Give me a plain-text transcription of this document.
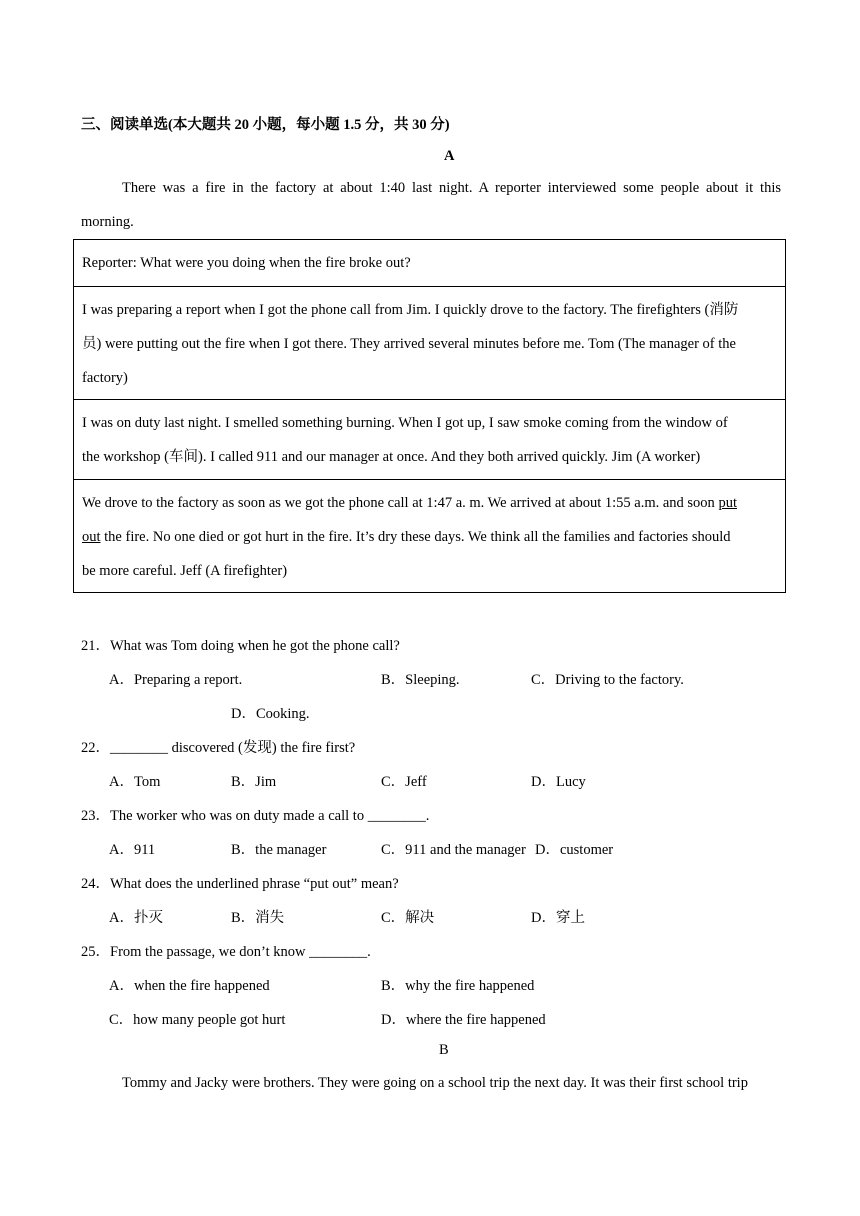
三、阅读单选(本大题共 20 小题，每小题 1.5 分，共 30 分)
A
There was a fire in the factory at about 1:40 last night. A reporter interviewed some people about it this
morning.
Reporter: What were you doing when the fire broke out?
I was preparing a report when I got the phone call from Jim. I quickly drove to the factory. The firefighters (消防
员) were putting out the fire when I got there. They arrived several minutes before me. Tom (The manager of the
factory)
I was on duty last night. I smelled something burning. When I got up, I saw smoke coming from the window of
the workshop (车间). I called 911 and our manager at once. And they both arrived quickly. Jim (A worker)
We drove to the factory as soon as we got the phone call at 1:47 a. m. We arrived at about 1:55 a.m. and soon put
out the fire. No one died or got hurt in the fire. It’s dry these days. We think all the families and factories should
be more careful. Jeff (A firefighter)
21．What was Tom doing when he got the phone call?
A．Preparing a report.	B．Sleeping.	C．Driving to the factory.
D．Cooking.
22．________ discovered (发现) the fire first?
A．Tom	B．Jim	C．Jeff	D．Lucy
23．The worker who was on duty made a call to ________.
A．911	B．the manager	C．911 and the manager D．customer
24．What does the underlined phrase “put out” mean?
A．扑灭	B．消失	C．解决	D．穿上
25．From the passage, we don’t know ________.
A．when the fire happened	B．why the fire happened
C．how many people got hurt	D．where the fire happened
B
Tommy and Jacky were brothers. They were going on a school trip the next day. It was their first school trip
